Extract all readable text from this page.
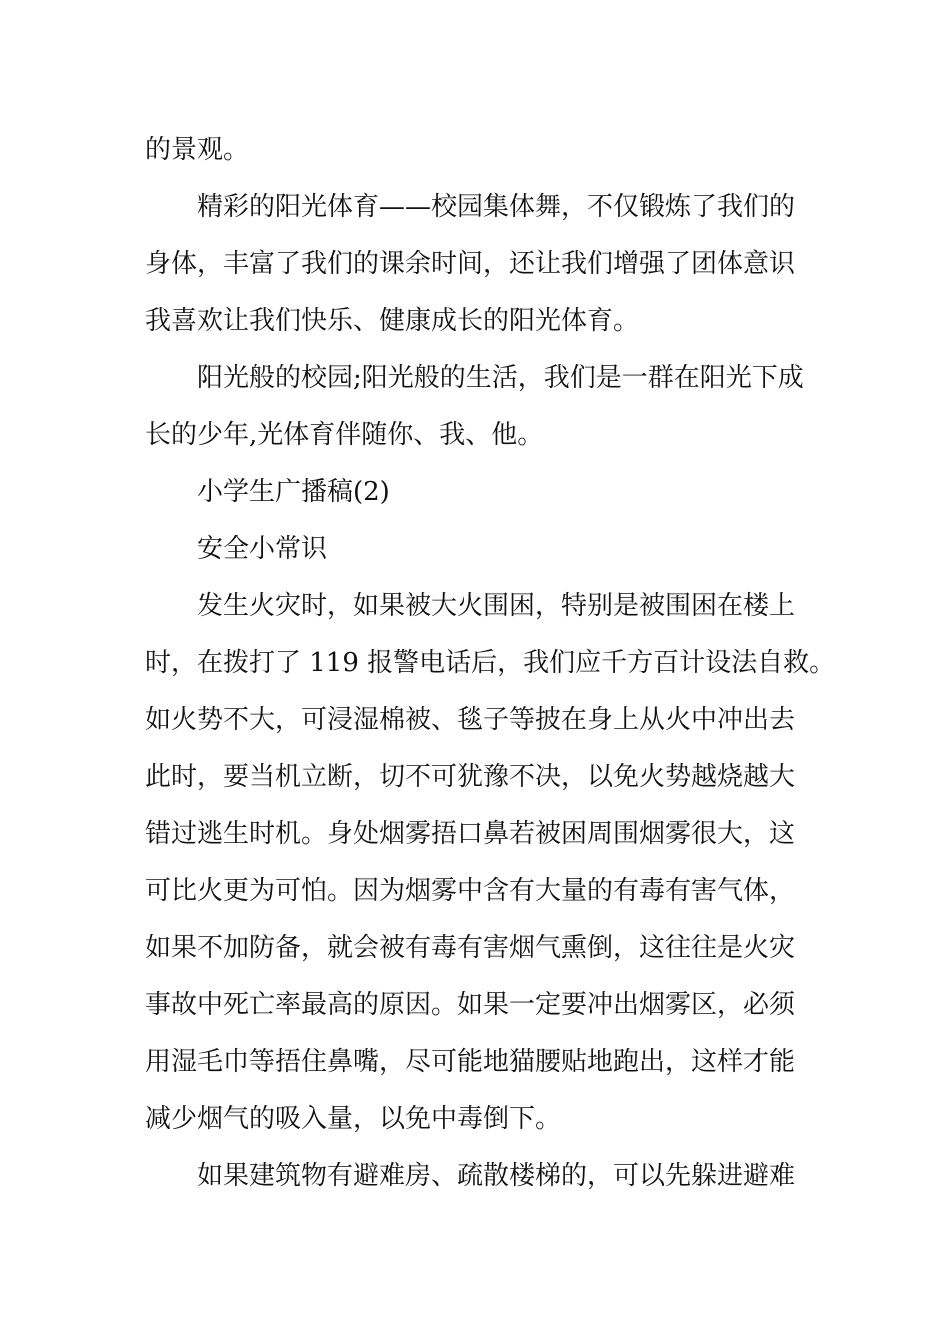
的景观。

精彩的阳光体育——校园集体舞，不仅锻炼了我们的

身体，丰富了我们的课余时间，还让我们增强了团体意识

我喜欢让我们快乐、健康成长的阳光体育。

阳光般的校园;阳光般的生活，我们是一群在阳光下成

长的少年,光体育伴随你、我、他。

小学生广播稿(2)

安全小常识

发生火灾时，如果被大火围困，特别是被围困在楼上

时，在拨打了 119 报警电话后，我们应千方百计设法自救。

如火势不大，可浸湿棉被、毯子等披在身上从火中冲出去

此时，要当机立断，切不可犹豫不决，以免火势越烧越大

错过逃生时机。身处烟雾捂口鼻若被困周围烟雾很大，这

可比火更为可怕。因为烟雾中含有大量的有毒有害气体，

如果不加防备，就会被有毒有害烟气熏倒，这往往是火灾

事故中死亡率最高的原因。如果一定要冲出烟雾区，必须

用湿毛巾等捂住鼻嘴，尽可能地猫腰贴地跑出，这样才能

减少烟气的吸入量，以免中毒倒下。

如果建筑物有避难房、疏散楼梯的，可以先躲进避难
